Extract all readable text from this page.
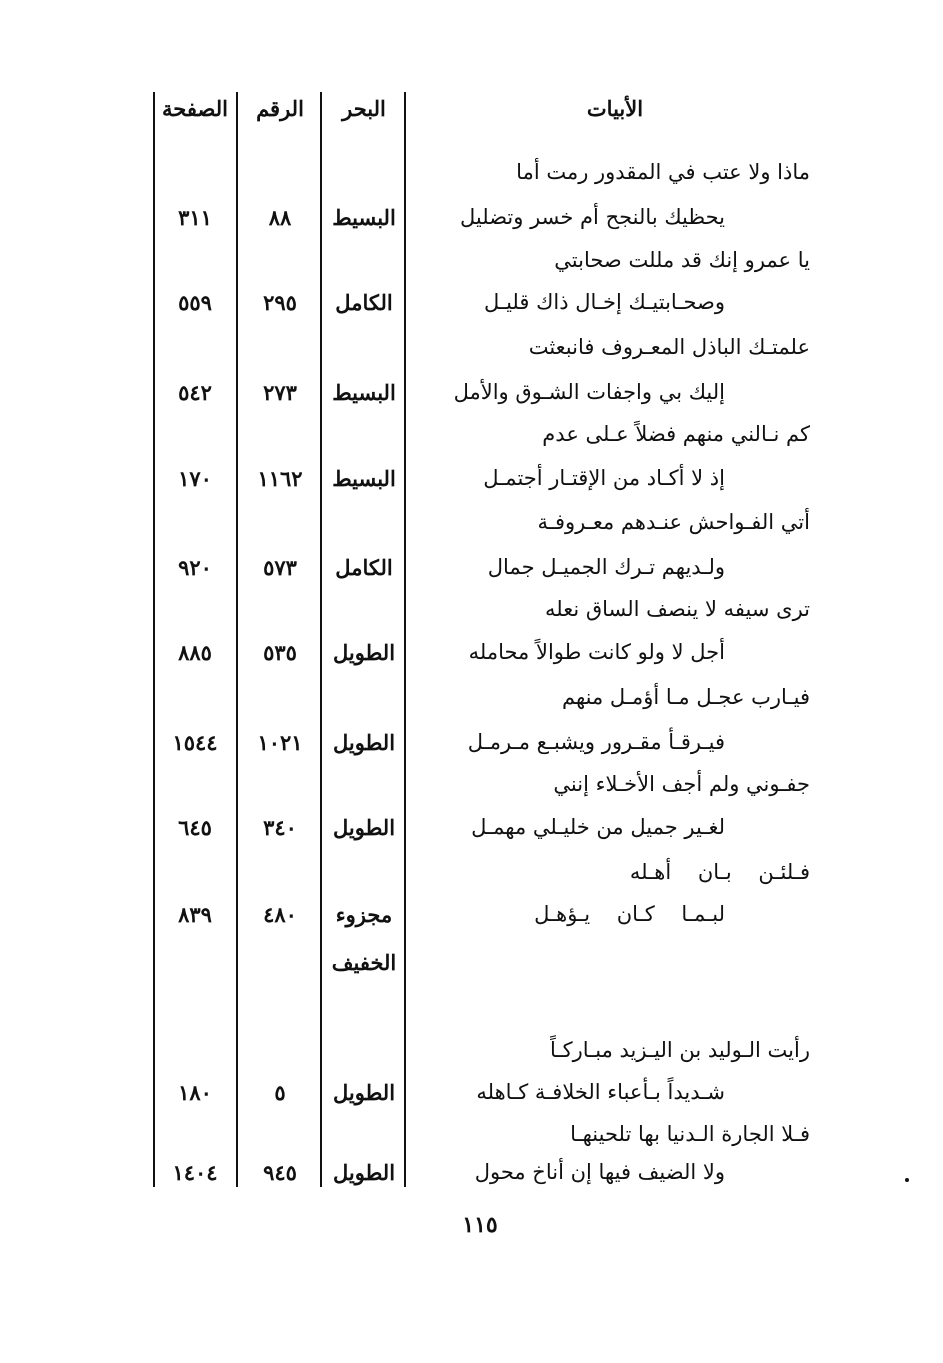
الأبيات
البحر
الرقم
الصفحة
ماذا ولا عتب في المقدور رمت أما
يحظيك بالنجح أم خسر وتضليل
البسيط
٨٨
٣١١
يا عمرو إنك قد مللت صحابتي
وصحـابتيـك إخـال ذاك قليـل
الكامل
٢٩٥
٥٥٩
علمتـك الباذل المعـروف فانبعثت
إليك بي واجفات الشـوق والأمل
البسيط
٢٧٣
٥٤٢
كم نـالني منهم فضلاً عـلى عدم
إذ لا أكـاد من الإقتـار أجتمـل
البسيط
١١٦٢
١٧٠
أتي الفـواحش عنـدهم معـروفـة
ولـديهم تـرك الجميـل جمال
الكامل
٥٧٣
٩٢٠
ترى سيفه لا ينصف الساق نعله
أجل لا ولو كانت طوالاً محامله
الطويل
٥٣٥
٨٨٥
فيـارب عجـل مـا أؤمـل منهم
فيـرقـأ مقـرور ويشبـع مـرمـل
الطويل
١٠٢١
١٥٤٤
جفـوني ولم أجف الأخـلاء إنني
لغـير جميل من خليـلي مهمـل
الطويل
٣٤٠
٦٤٥
فـلئـن    بـان    أهـله
لبـمـا    كـان    يـؤهـل
مجزوء
الخفيف
٤٨٠
٨٣٩
رأيت الـوليد بن اليـزيد مبـاركـاً
شـديداً بـأعباء الخلافـة كـاهله
الطويل
٥
١٨٠
فـلا الجارة الـدنيا بها تلحينهـا
ولا الضيف فيها إن أناخ محول
الطويل
٩٤٥
١٤٠٤
١١٥
